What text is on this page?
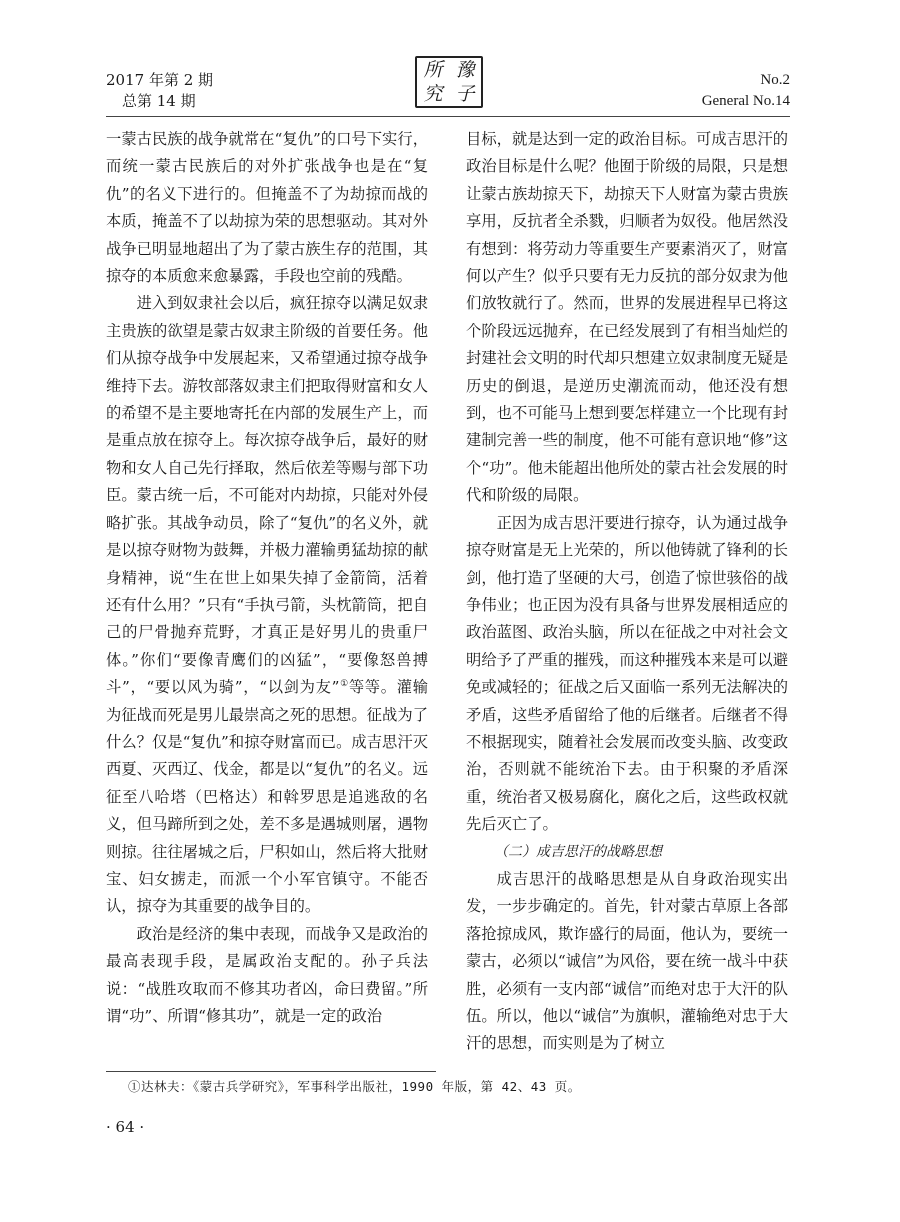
2017 年第 2 期
总第 14 期
所 豫
究 子
No.2
General No.14

一蒙古民族的战争就常在“复仇”的口号下实行，而统一蒙古民族后的对外扩张战争也是在“复仇”的名义下进行的。但掩盖不了为劫掠而战的本质，掩盖不了以劫掠为荣的思想驱动。其对外战争已明显地超出了为了蒙古族生存的范围，其掠夺的本质愈来愈暴露，手段也空前的残酷。

进入到奴隶社会以后，疯狂掠夺以满足奴隶主贵族的欲望是蒙古奴隶主阶级的首要任务。他们从掠夺战争中发展起来，又希望通过掠夺战争维持下去。游牧部落奴隶主们把取得财富和女人的希望不是主要地寄托在内部的发展生产上，而是重点放在掠夺上。每次掠夺战争后，最好的财物和女人自己先行择取，然后依差等赐与部下功臣。蒙古统一后，不可能对内劫掠，只能对外侵略扩张。其战争动员，除了“复仇”的名义外，就是以掠夺财物为鼓舞，并极力灌输勇猛劫掠的献身精神，说“生在世上如果失掉了金箭筒，活着还有什么用？”只有“手执弓箭，头枕箭筒，把自己的尸骨抛弃荒野，才真正是好男儿的贵重尸体。”你们“要像青鹰们的凶猛”，“要像怒兽搏斗”，“要以风为骑”，“以剑为友”①等等。灌输为征战而死是男儿最崇高之死的思想。征战为了什么？仅是“复仇”和掠夺财富而已。成吉思汗灭西夏、灭西辽、伐金，都是以“复仇”的名义。远征至八哈塔（巴格达）和斡罗思是追逃敌的名义，但马蹄所到之处，差不多是遇城则屠，遇物则掠。往往屠城之后，尸积如山，然后将大批财宝、妇女掳走，而派一个小军官镇守。不能否认，掠夺为其重要的战争目的。

政治是经济的集中表现，而战争又是政治的最高表现手段，是属政治支配的。孙子兵法说：“战胜攻取而不修其功者凶，命曰费留。”所谓“功”、所谓“修其功”，就是一定的政治

目标，就是达到一定的政治目标。可成吉思汗的政治目标是什么呢？他囿于阶级的局限，只是想让蒙古族劫掠天下，劫掠天下人财富为蒙古贵族享用，反抗者全杀戮，归顺者为奴役。他居然没有想到：将劳动力等重要生产要素消灭了，财富何以产生？似乎只要有无力反抗的部分奴隶为他们放牧就行了。然而，世界的发展进程早已将这个阶段远远抛弃，在已经发展到了有相当灿烂的封建社会文明的时代却只想建立奴隶制度无疑是历史的倒退，是逆历史潮流而动，他还没有想到，也不可能马上想到要怎样建立一个比现有封建制完善一些的制度，他不可能有意识地“修”这个“功”。他未能超出他所处的蒙古社会发展的时代和阶级的局限。

正因为成吉思汗要进行掠夺，认为通过战争掠夺财富是无上光荣的，所以他铸就了锋利的长剑，他打造了坚硬的大弓，创造了惊世骇俗的战争伟业；也正因为没有具备与世界发展相适应的政治蓝图、政治头脑，所以在征战之中对社会文明给予了严重的摧残，而这种摧残本来是可以避免或减轻的；征战之后又面临一系列无法解决的矛盾，这些矛盾留给了他的后继者。后继者不得不根据现实，随着社会发展而改变头脑、改变政治，否则就不能统治下去。由于积聚的矛盾深重，统治者又极易腐化，腐化之后，这些政权就先后灭亡了。

（二）成吉思汗的战略思想

成吉思汗的战略思想是从自身政治现实出发，一步步确定的。首先，针对蒙古草原上各部落抢掠成风，欺诈盛行的局面，他认为，要统一蒙古，必须以“诚信”为风俗，要在统一战斗中获胜，必须有一支内部“诚信”而绝对忠于大汗的队伍。所以，他以“诚信”为旗帜，灌输绝对忠于大汗的思想，而实则是为了树立

①达林夫：《蒙古兵学研究》，军事科学出版社，1990 年版，第 42、43 页。
· 64 ·
